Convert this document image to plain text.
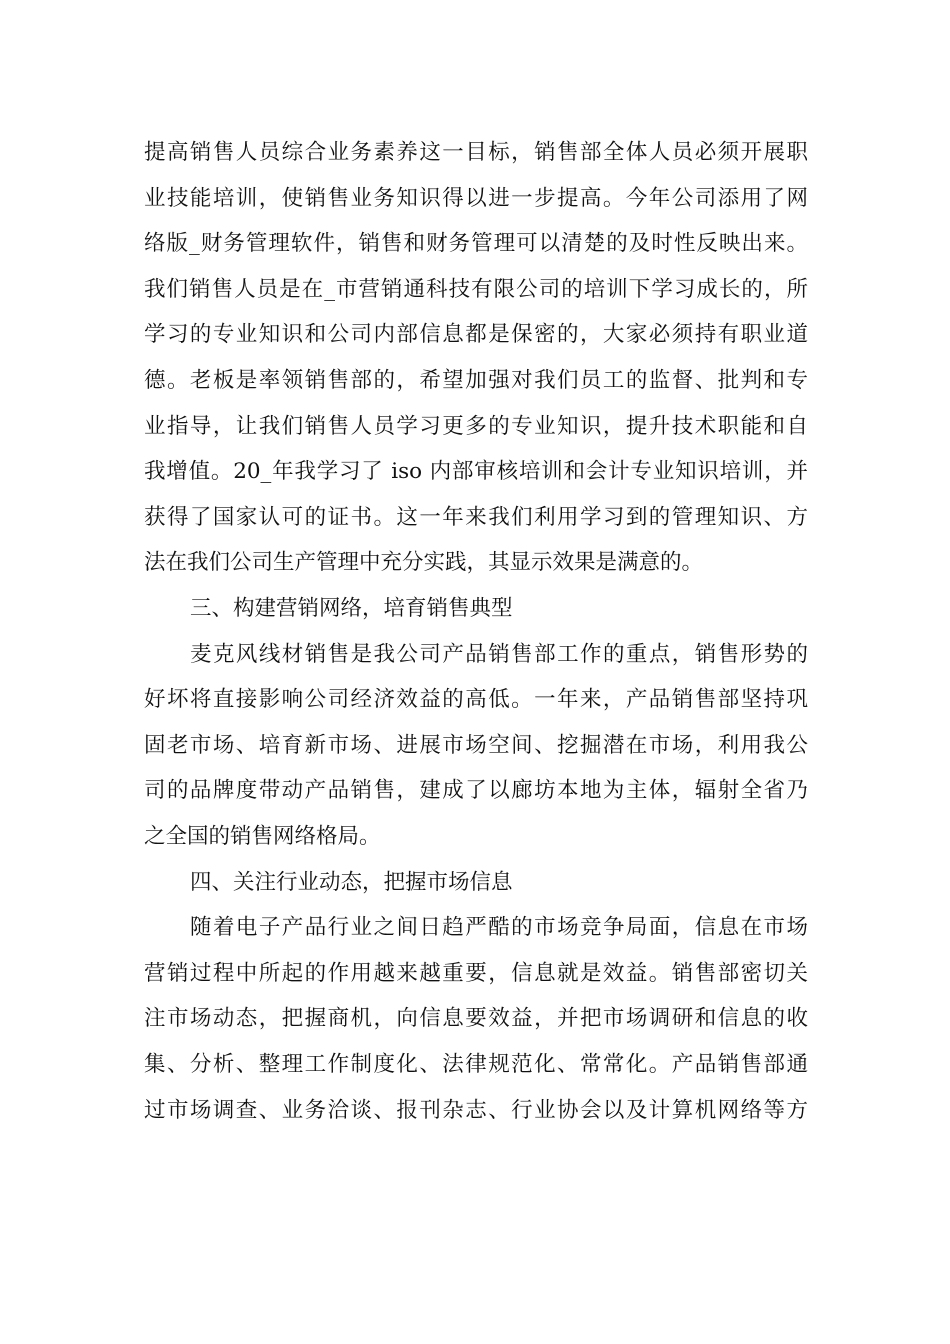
提高销售人员综合业务素养这一目标，销售部全体人员必须开展职
业技能培训，使销售业务知识得以进一步提高。今年公司添用了网
络版_财务管理软件，销售和财务管理可以清楚的及时性反映出来。
我们销售人员是在_市营销通科技有限公司的培训下学习成长的，所
学习的专业知识和公司内部信息都是保密的，大家必须持有职业道
德。老板是率领销售部的，希望加强对我们员工的监督、批判和专
业指导，让我们销售人员学习更多的专业知识，提升技术职能和自
我增值。20_年我学习了 iso 内部审核培训和会计专业知识培训，并
获得了国家认可的证书。这一年来我们利用学习到的管理知识、方
法在我们公司生产管理中充分实践，其显示效果是满意的。
三、构建营销网络，培育销售典型
麦克风线材销售是我公司产品销售部工作的重点，销售形势的
好坏将直接影响公司经济效益的高低。一年来，产品销售部坚持巩
固老市场、培育新市场、进展市场空间、挖掘潜在市场，利用我公
司的品牌度带动产品销售，建成了以廊坊本地为主体，辐射全省乃
之全国的销售网络格局。
四、关注行业动态，把握市场信息
随着电子产品行业之间日趋严酷的市场竞争局面，信息在市场
营销过程中所起的作用越来越重要，信息就是效益。销售部密切关
注市场动态，把握商机，向信息要效益，并把市场调研和信息的收
集、分析、整理工作制度化、法律规范化、常常化。产品销售部通
过市场调查、业务洽谈、报刊杂志、行业协会以及计算机网络等方
